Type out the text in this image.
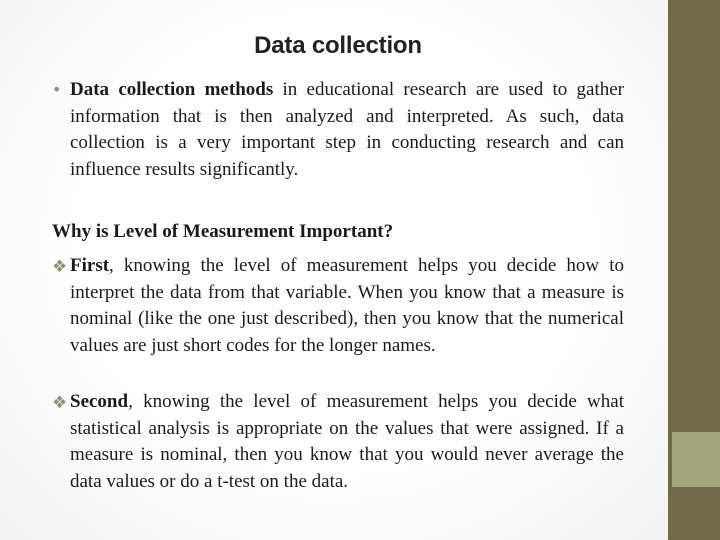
Data collection
• Data collection methods in educational research are used to gather information that is then analyzed and interpreted. As such, data collection is a very important step in conducting research and can influence results significantly.
Why is Level of Measurement Important?
❖ First, knowing the level of measurement helps you decide how to interpret the data from that variable. When you know that a measure is nominal (like the one just described), then you know that the numerical values are just short codes for the longer names.
❖ Second, knowing the level of measurement helps you decide what statistical analysis is appropriate on the values that were assigned. If a measure is nominal, then you know that you would never average the data values or do a t-test on the data.
